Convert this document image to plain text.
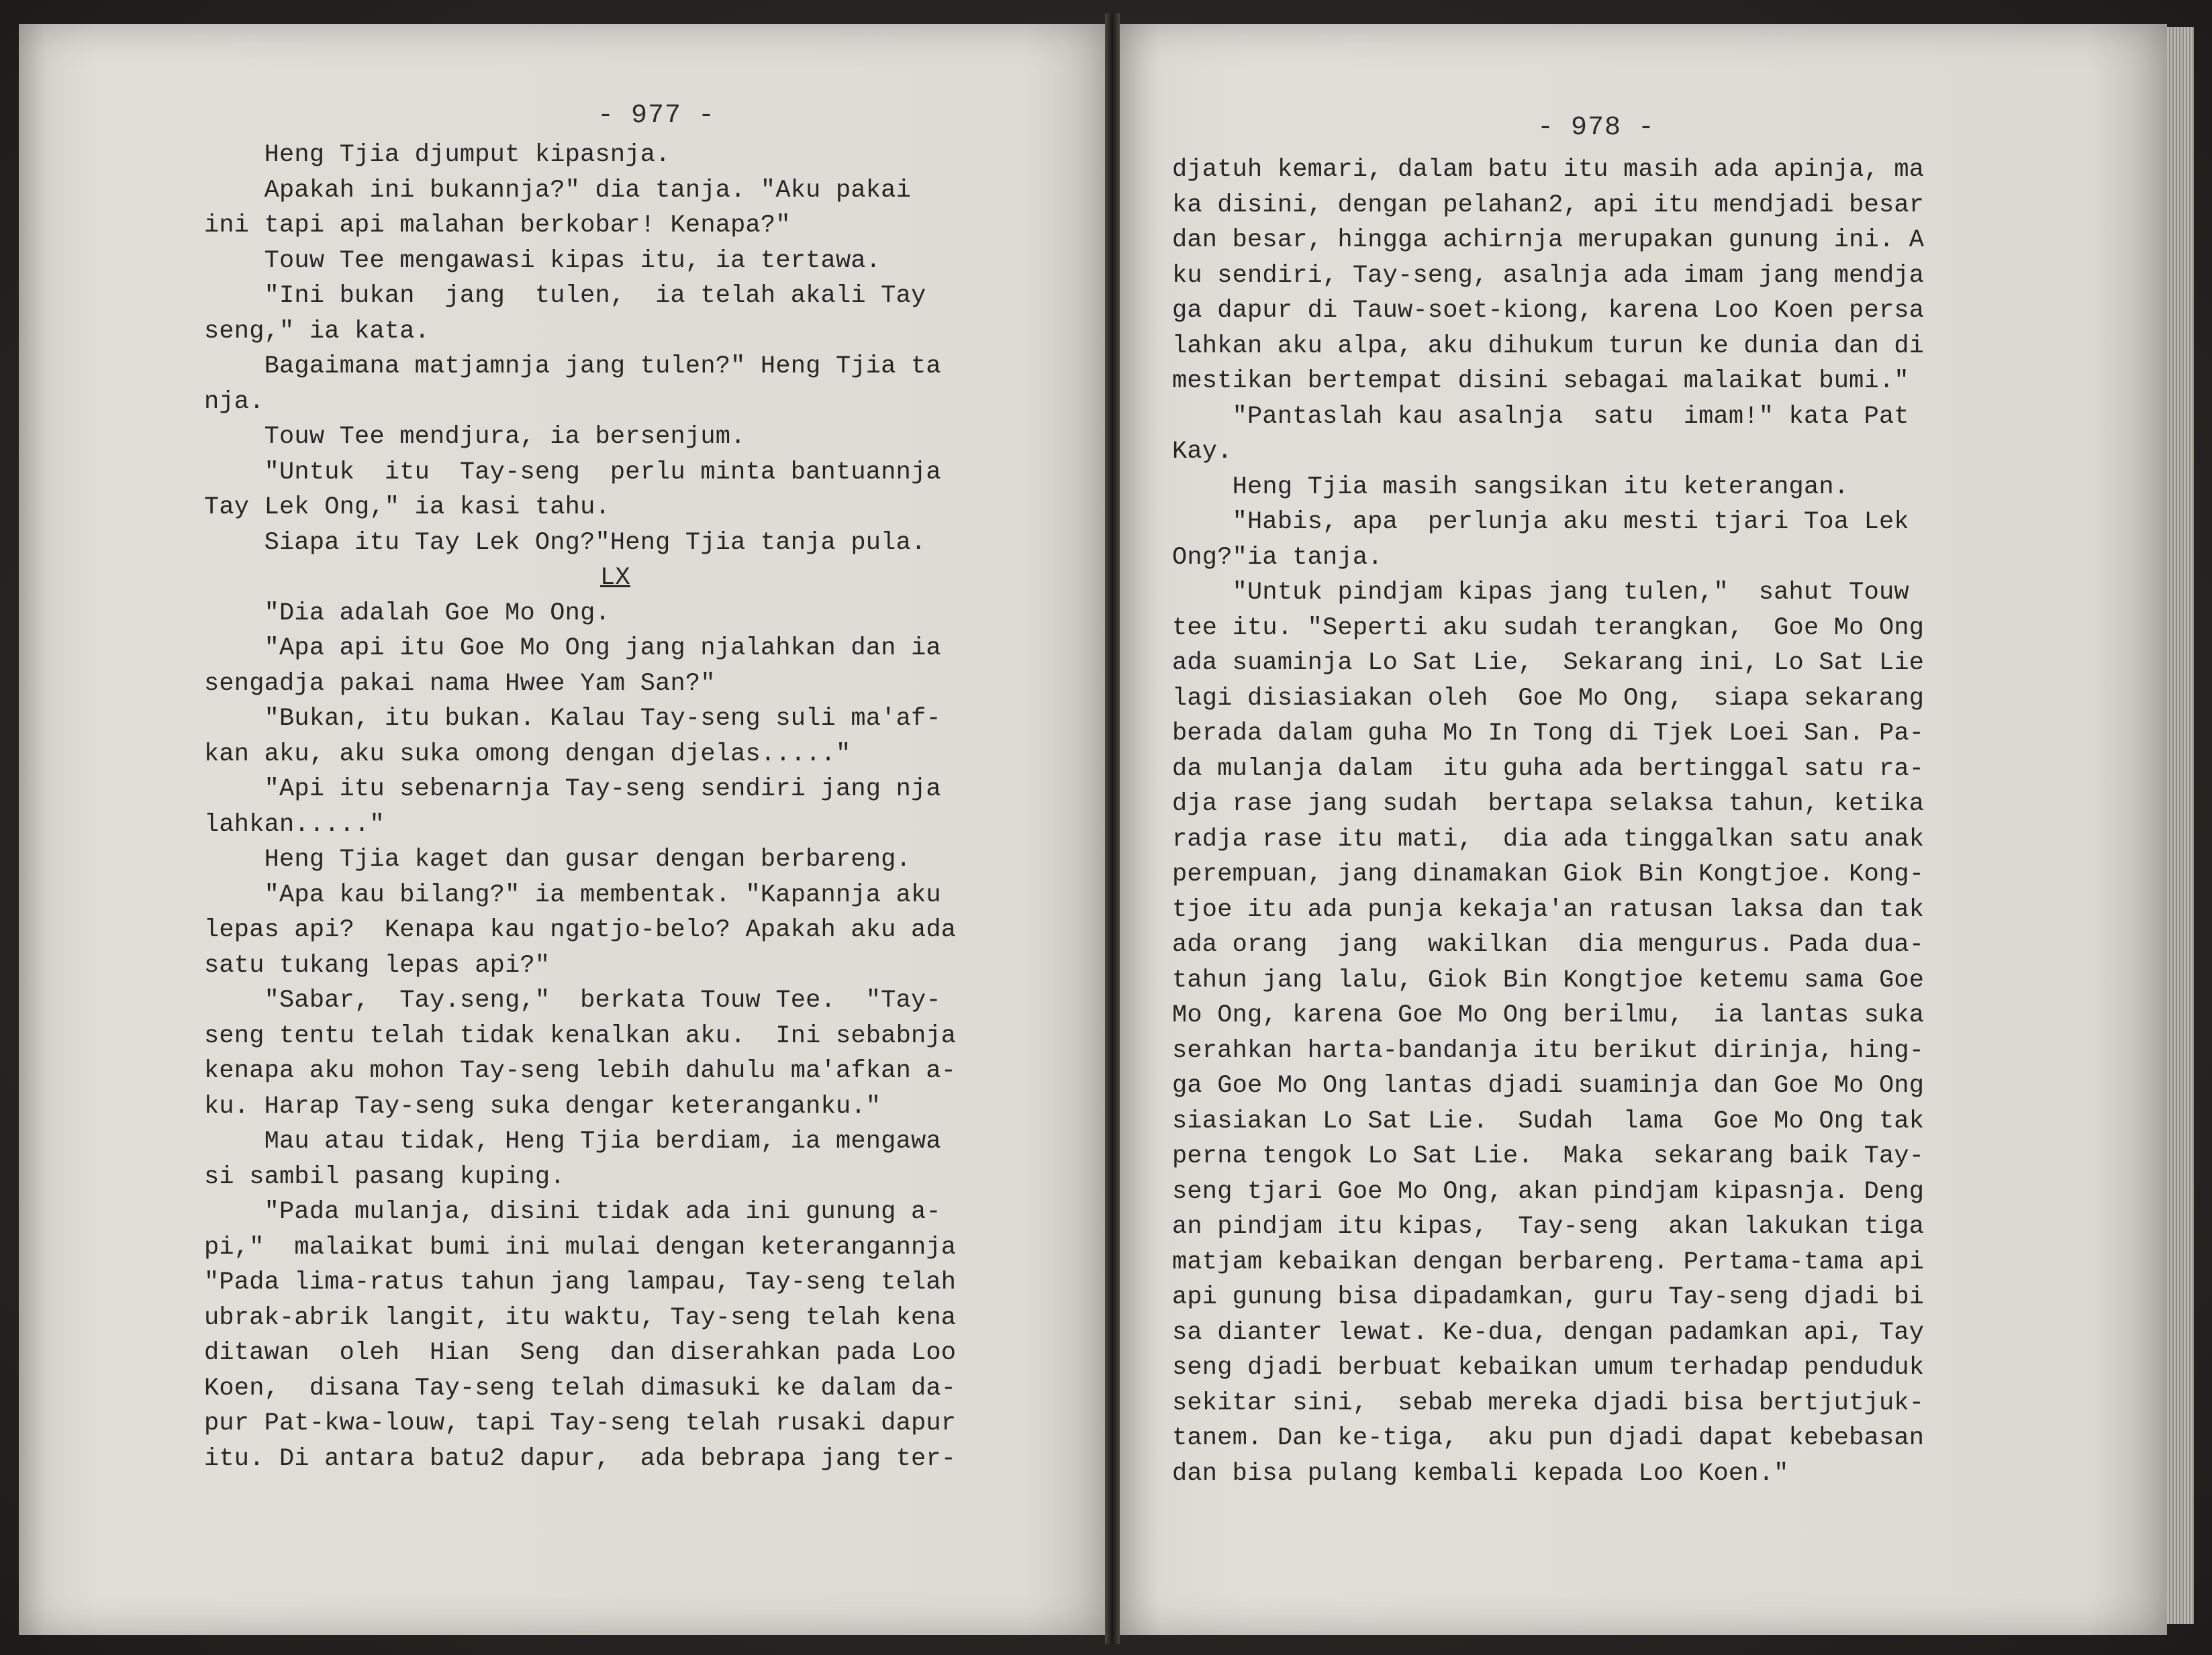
- 977 -	- 978 -
Heng Tjia djumput kipasnja.
Apakah ini bukannja?" dia tanja. "Aku pakai
ini tapi api malahan berkobar! Kenapa?"
Touw Tee mengawasi kipas itu, ia tertawa.
"Ini bukan  jang  tulen,  ia telah akali Tay
seng," ia kata.
Bagaimana matjamnja jang tulen?" Heng Tjia ta
nja.
Touw Tee mendjura, ia bersenjum.
"Untuk  itu  Tay-seng  perlu minta bantuannja
Tay Lek Ong," ia kasi tahu.
Siapa itu Tay Lek Ong?"Heng Tjia tanja pula.
LX
"Dia adalah Goe Mo Ong.
"Apa api itu Goe Mo Ong jang njalahkan dan ia
sengadja pakai nama Hwee Yam San?"
"Bukan, itu bukan. Kalau Tay-seng suli ma'af-
kan aku, aku suka omong dengan djelas....."
"Api itu sebenarnja Tay-seng sendiri jang nja
lahkan....."
Heng Tjia kaget dan gusar dengan berbareng.
"Apa kau bilang?" ia membentak. "Kapannja aku
lepas api?  Kenapa kau ngatjo-belo? Apakah aku ada
satu tukang lepas api?"
"Sabar,  Tay.seng,"  berkata Touw Tee.  "Tay-
seng tentu telah tidak kenalkan aku.  Ini sebabnja
kenapa aku mohon Tay-seng lebih dahulu ma'afkan a-
ku. Harap Tay-seng suka dengar keteranganku."
Mau atau tidak, Heng Tjia berdiam, ia mengawa
si sambil pasang kuping.
"Pada mulanja, disini tidak ada ini gunung a-
pi,"  malaikat bumi ini mulai dengan keterangannja
"Pada lima-ratus tahun jang lampau, Tay-seng telah
ubrak-abrik langit, itu waktu, Tay-seng telah kena
ditawan  oleh  Hian  Seng  dan diserahkan pada Loo
Koen,  disana Tay-seng telah dimasuki ke dalam da-
pur Pat-kwa-louw, tapi Tay-seng telah rusaki dapur
itu. Di antara batu2 dapur,  ada bebrapa jang ter-
djatuh kemari, dalam batu itu masih ada apinja, ma
ka disini, dengan pelahan2, api itu mendjadi besar
dan besar, hingga achirnja merupakan gunung ini. A
ku sendiri, Tay-seng, asalnja ada imam jang mendja
ga dapur di Tauw-soet-kiong, karena Loo Koen persa
lahkan aku alpa, aku dihukum turun ke dunia dan di
mestikan bertempat disini sebagai malaikat bumi."
"Pantaslah kau asalnja  satu  imam!" kata Pat
Kay.
Heng Tjia masih sangsikan itu keterangan.
"Habis, apa  perlunja aku mesti tjari Toa Lek
Ong?"ia tanja.
"Untuk pindjam kipas jang tulen,"  sahut Touw
tee itu. "Seperti aku sudah terangkan,  Goe Mo Ong
ada suaminja Lo Sat Lie,  Sekarang ini, Lo Sat Lie
lagi disiasiakan oleh  Goe Mo Ong,  siapa sekarang
berada dalam guha Mo In Tong di Tjek Loei San. Pa-
da mulanja dalam  itu guha ada bertinggal satu ra-
dja rase jang sudah  bertapa selaksa tahun, ketika
radja rase itu mati,  dia ada tinggalkan satu anak
perempuan, jang dinamakan Giok Bin Kongtjoe. Kong-
tjoe itu ada punja kekaja'an ratusan laksa dan tak
ada orang  jang  wakilkan  dia mengurus. Pada dua-
tahun jang lalu, Giok Bin Kongtjoe ketemu sama Goe
Mo Ong, karena Goe Mo Ong berilmu,  ia lantas suka
serahkan harta-bandanja itu berikut dirinja, hing-
ga Goe Mo Ong lantas djadi suaminja dan Goe Mo Ong
siasiakan Lo Sat Lie.  Sudah  lama  Goe Mo Ong tak
perna tengok Lo Sat Lie.  Maka  sekarang baik Tay-
seng tjari Goe Mo Ong, akan pindjam kipasnja. Deng
an pindjam itu kipas,  Tay-seng  akan lakukan tiga
matjam kebaikan dengan berbareng. Pertama-tama api
api gunung bisa dipadamkan, guru Tay-seng djadi bi
sa dianter lewat. Ke-dua, dengan padamkan api, Tay
seng djadi berbuat kebaikan umum terhadap penduduk
sekitar sini,  sebab mereka djadi bisa bertjutjuk-
tanem. Dan ke-tiga,  aku pun djadi dapat kebebasan
dan bisa pulang kembali kepada Loo Koen."
